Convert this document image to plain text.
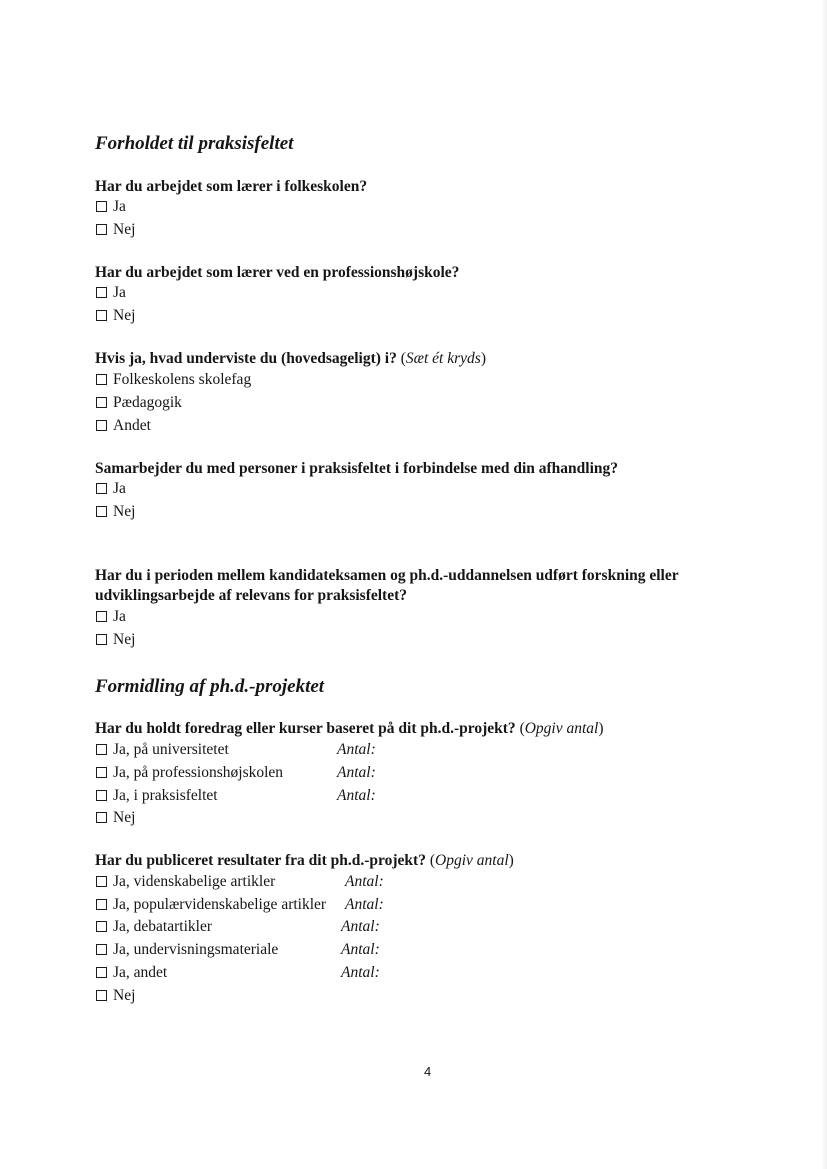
Forholdet til praksisfeltet
Har du arbejdet som lærer i folkeskolen?
Ja
Nej
Har du arbejdet som lærer ved en professionshøjskole?
Ja
Nej
Hvis ja, hvad underviste du (hovedsageligt) i? (Sæt ét kryds)
Folkeskolens skolefag
Pædagogik
Andet
Samarbejder du med personer i praksisfeltet i forbindelse med din afhandling?
Ja
Nej
Har du i perioden mellem kandidateksamen og ph.d.-uddannelsen udført forskning eller
udviklingsarbejde af relevans for praksisfeltet?
Ja
Nej
Formidling af ph.d.-projektet
Har du holdt foredrag eller kurser baseret på dit ph.d.-projekt? (Opgiv antal)
Ja, på universitetet	Antal:
Ja, på professionshøjskolen	Antal:
Ja, i praksisfeltet	Antal:
Nej
Har du publiceret resultater fra dit ph.d.-projekt? (Opgiv antal)
Ja, videnskabelige artikler	Antal:
Ja, populærvidenskabelige artikler Antal:
Ja, debatartikler	Antal:
Ja, undervisningsmateriale	Antal:
Ja, andet	Antal:
Nej
4
